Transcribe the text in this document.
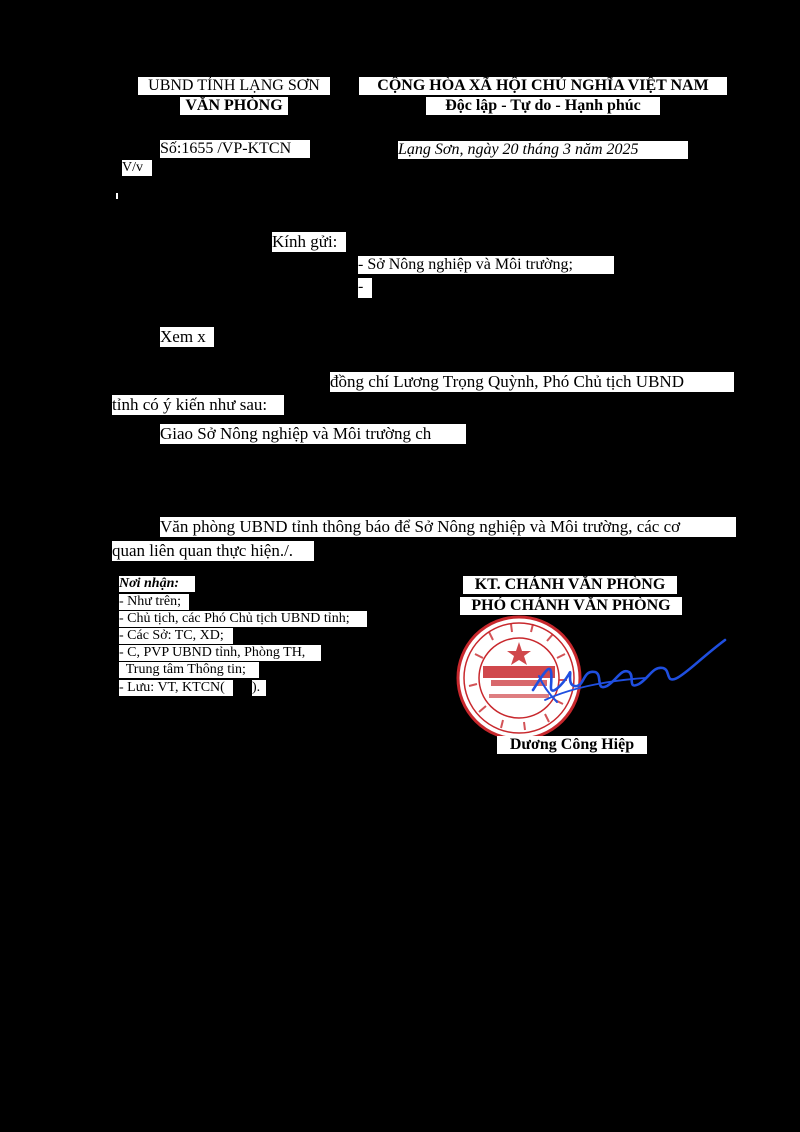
UBND TỈNH LẠNG SƠN
VĂN PHÒNG
CỘNG HÒA XÃ HỘI CHỦ NGHĨA VIỆT NAM
Độc lập - Tự do - Hạnh phúc
Số:1655 /VP-KTCN
V/v
Lạng Sơn, ngày 20 tháng 3 năm 2025
Kính gửi:
- Sở Nông nghiệp và Môi trường;
-
Xem x
đồng chí Lương Trọng Quỳnh, Phó Chủ tịch UBND
tỉnh có ý kiến như sau:
Giao Sở Nông nghiệp và Môi trường ch
Văn phòng UBND tỉnh thông báo để Sở Nông nghiệp và Môi trường, các cơ
quan liên quan thực hiện./.
Nơi nhận:
- Như trên;
- Chủ tịch, các Phó Chủ tịch UBND tỉnh;
- Các Sở: TC, XD;
- C, PVP UBND tỉnh, Phòng TH,
Trung tâm Thông tin;
- Lưu: VT, KTCN(	).
KT. CHÁNH VĂN PHÒNG
PHÓ CHÁNH VĂN PHÒNG
Dương Công Hiệp
